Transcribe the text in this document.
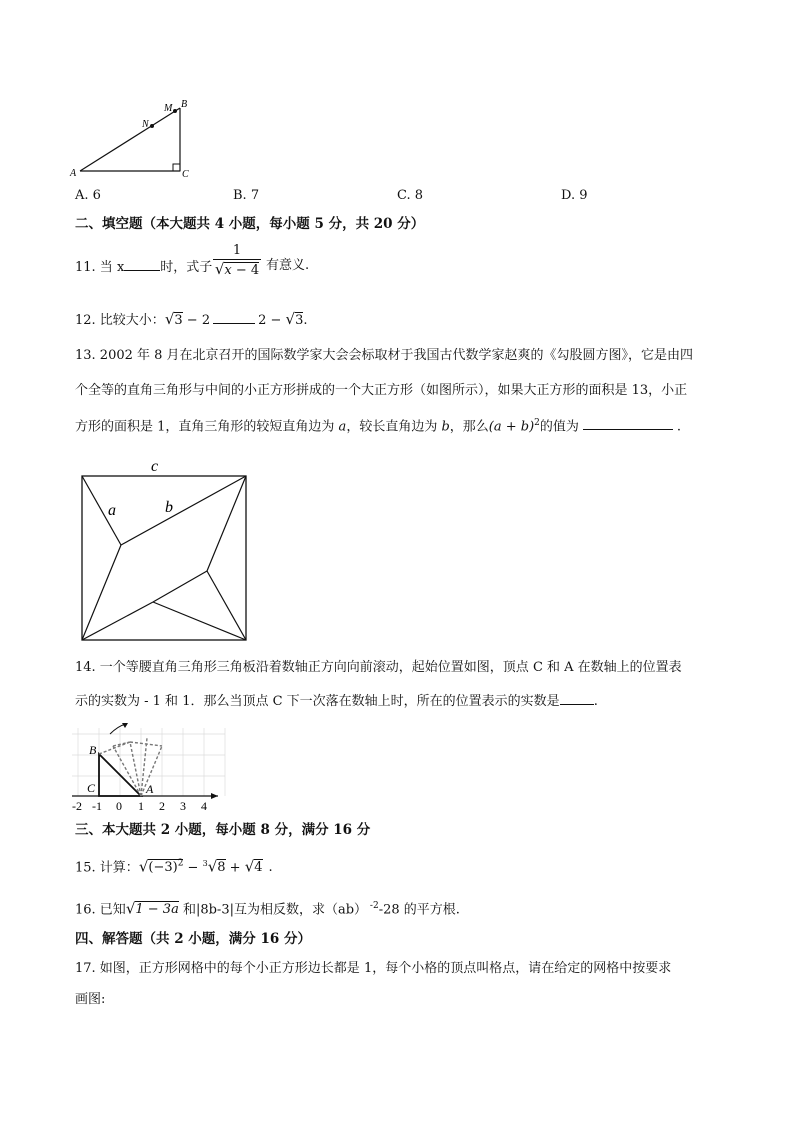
A
B
C
M
N
A. 6	B. 7	C. 8	D. 9
二、填空题（本大题共 4 小题，每小题 5 分，共 20 分）
11. 当 x	时，式子
1
√x − 4 有意义.
12. 比较大小：√3 − 2	2 − √3.
13. 2002 年 8 月在北京召开的国际数学家大会会标取材于我国古代数学家赵爽的《勾股圆方图》，它是由四
个全等的直角三角形与中间的小正方形拼成的一个大正方形（如图所示），如果大正方形的面积是 13，小正
方形的面积是 1，直角三角形的较短直角边为 a，较长直角边为 b，那么$(a + b)^2$的值为	.
c
a	b
14. 一个等腰直角三角形三角板沿着数轴正方向向前滚动，起始位置如图，顶点 C 和 A 在数轴上的位置表
示的实数为 - 1 和 1．那么当顶点 C 下一次落在数轴上时，所在的位置表示的实数是	.
B
C	A
-2 -1 0 1 2 3 4
三、本大题共 2 小题，每小题 8 分，满分 16 分
15. 计算：$√(-3)^2 - ^3√8 + √4$ .
16. 已知√1 − 3a 和|8b-3|互为相反数，求（ab） $^{-2}$-28 的平方根.
四、解答题（共 2 小题，满分 16 分）
17. 如图，正方形网格中的每个小正方形边长都是 1，每个小格的顶点叫格点，请在给定的网格中按要求
画图:
